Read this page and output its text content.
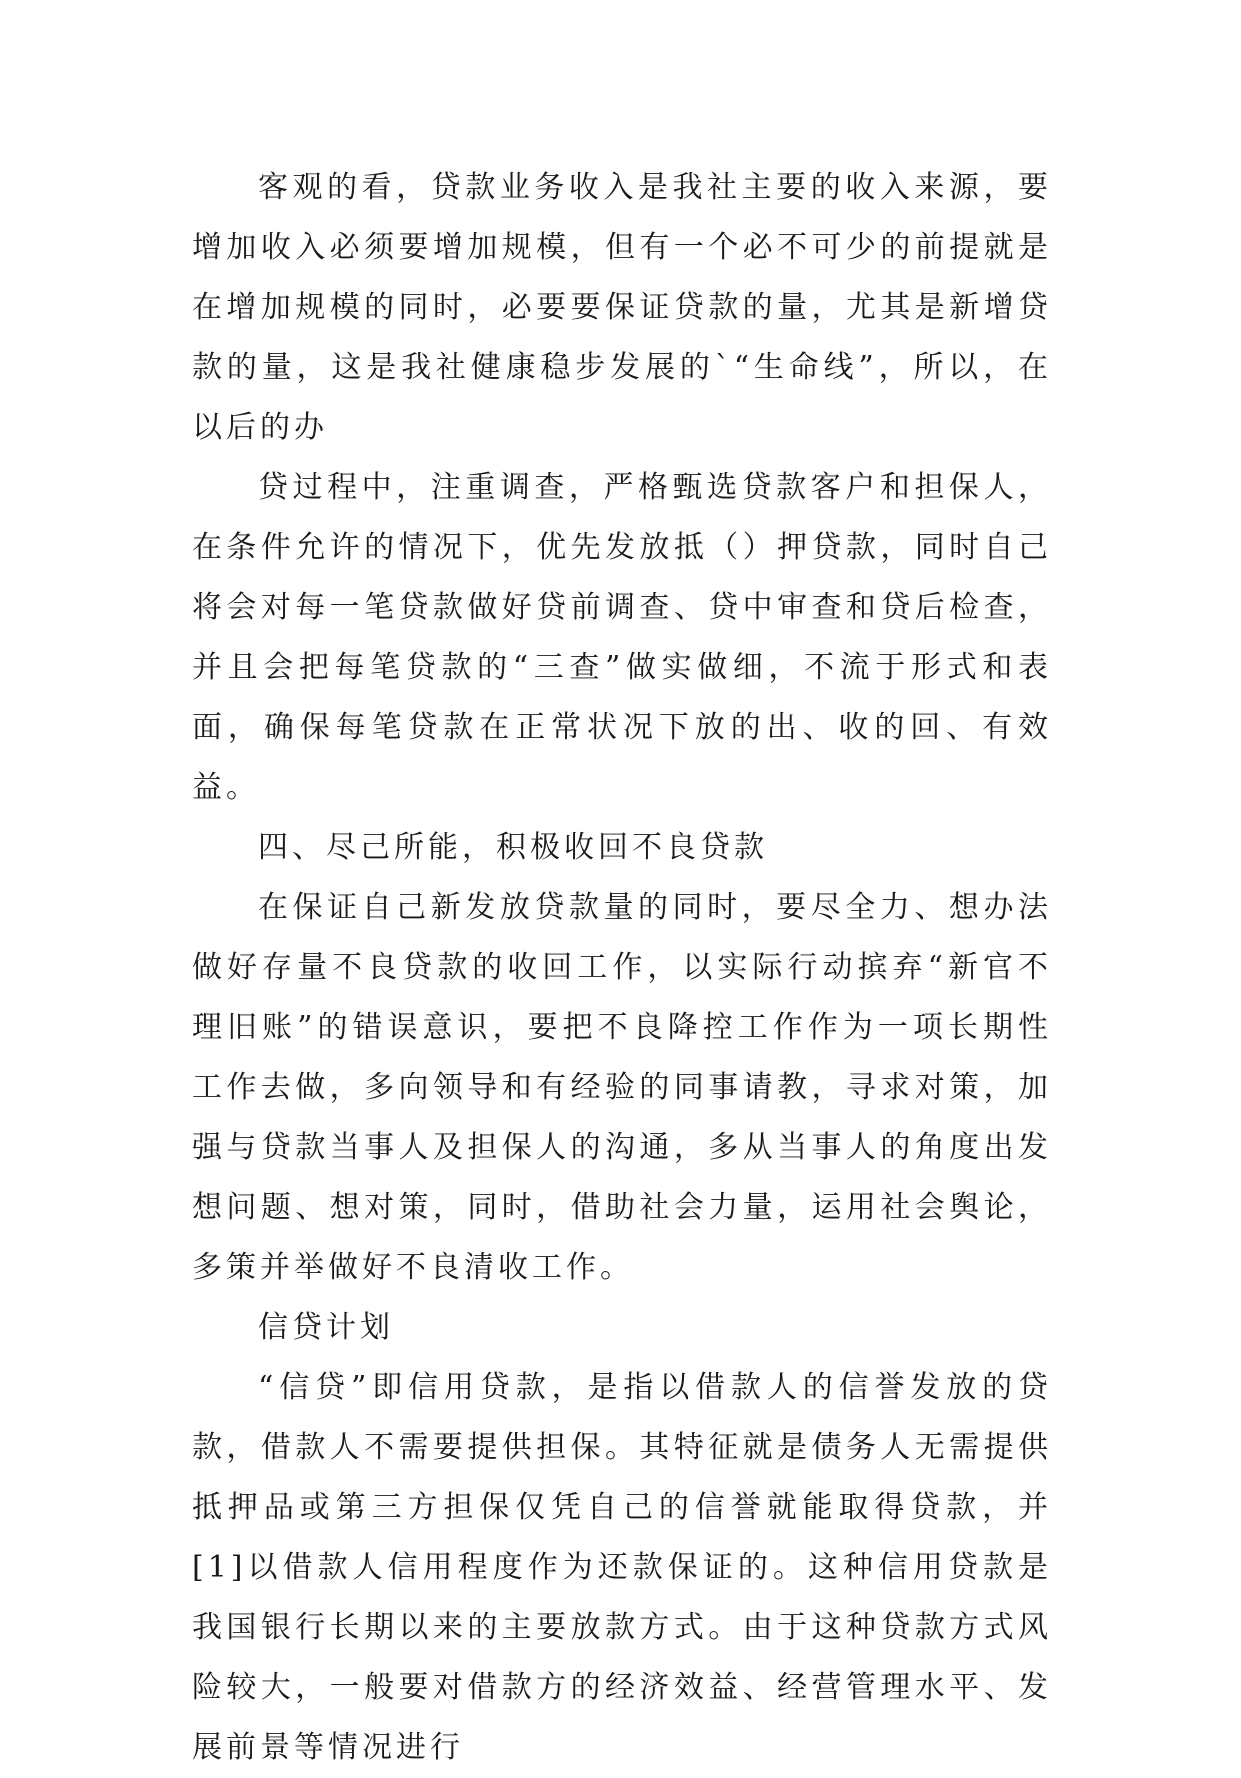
客观的看，贷款业务收入是我社主要的收入来源，要增加收入必须要增加规模，但有一个必不可少的前提就是在增加规模的同时，必要要保证贷款的量，尤其是新增贷款的量，这是我社健康稳步发展的`“生命线”，所以，在以后的办

贷过程中，注重调查，严格甄选贷款客户和担保人，在条件允许的情况下，优先发放抵（）押贷款，同时自己将会对每一笔贷款做好贷前调查、贷中审查和贷后检查，并且会把每笔贷款的“三查”做实做细，不流于形式和表面，确保每笔贷款在正常状况下放的出、收的回、有效益。

四、尽己所能，积极收回不良贷款

在保证自己新发放贷款量的同时，要尽全力、想办法做好存量不良贷款的收回工作，以实际行动摈弃“新官不理旧账”的错误意识，要把不良降控工作作为一项长期性工作去做，多向领导和有经验的同事请教，寻求对策，加强与贷款当事人及担保人的沟通，多从当事人的角度出发想问题、想对策，同时，借助社会力量，运用社会舆论，多策并举做好不良清收工作。

信贷计划

“信贷”即信用贷款，是指以借款人的信誉发放的贷款，借款人不需要提供担保。其特征就是债务人无需提供抵押品或第三方担保仅凭自己的信誉就能取得贷款，并[1]以借款人信用程度作为还款保证的。这种信用贷款是我国银行长期以来的主要放款方式。由于这种贷款方式风险较大，一般要对借款方的经济效益、经营管理水平、发展前景等情况进行
